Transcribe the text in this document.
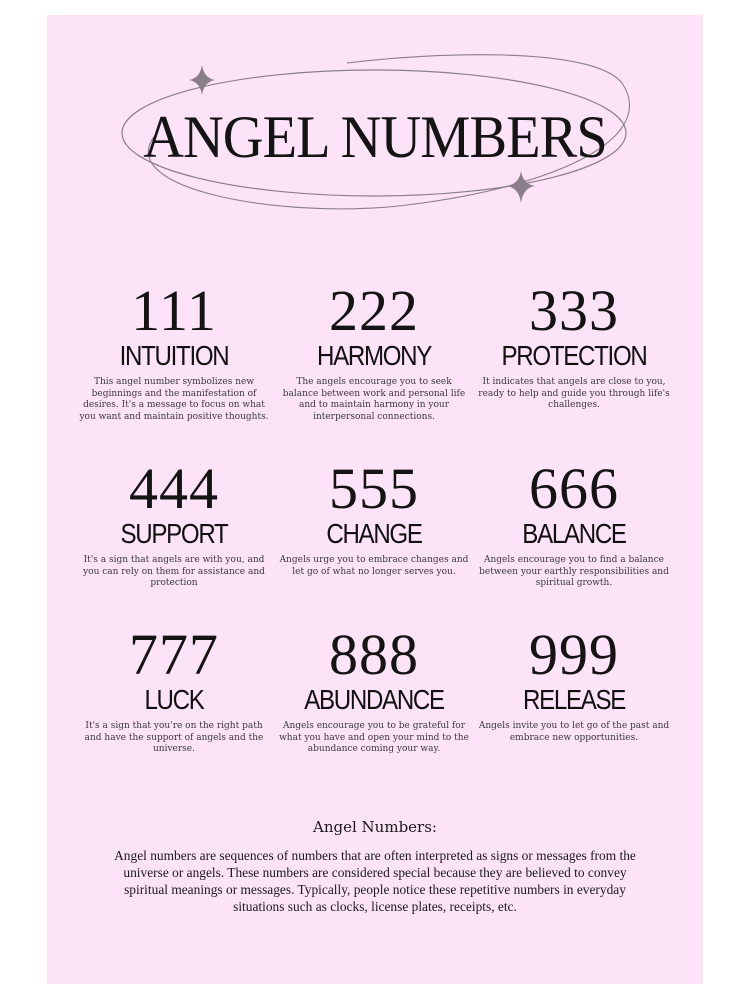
ANGEL NUMBERS
111
INTUITION
This angel number symbolizes new beginnings and the manifestation of desires. It's a message to focus on what you want and maintain positive thoughts.
222
HARMONY
The angels encourage you to seek balance between work and personal life and to maintain harmony in your interpersonal connections.
333
PROTECTION
It indicates that angels are close to you, ready to help and guide you through life's challenges.
444
SUPPORT
It's a sign that angels are with you, and you can rely on them for assistance and protection
555
CHANGE
Angels urge you to embrace changes and let go of what no longer serves you.
666
BALANCE
Angels encourage you to find a balance between your earthly responsibilities and spiritual growth.
777
LUCK
It's a sign that you're on the right path and have the support of angels and the universe.
888
ABUNDANCE
Angels encourage you to be grateful for what you have and open your mind to the abundance coming your way.
999
RELEASE
Angels invite you to let go of the past and embrace new opportunities.
Angel Numbers:
Angel numbers are sequences of numbers that are often interpreted as signs or messages from the universe or angels. These numbers are considered special because they are believed to convey spiritual meanings or messages. Typically, people notice these repetitive numbers in everyday situations such as clocks, license plates, receipts, etc.
